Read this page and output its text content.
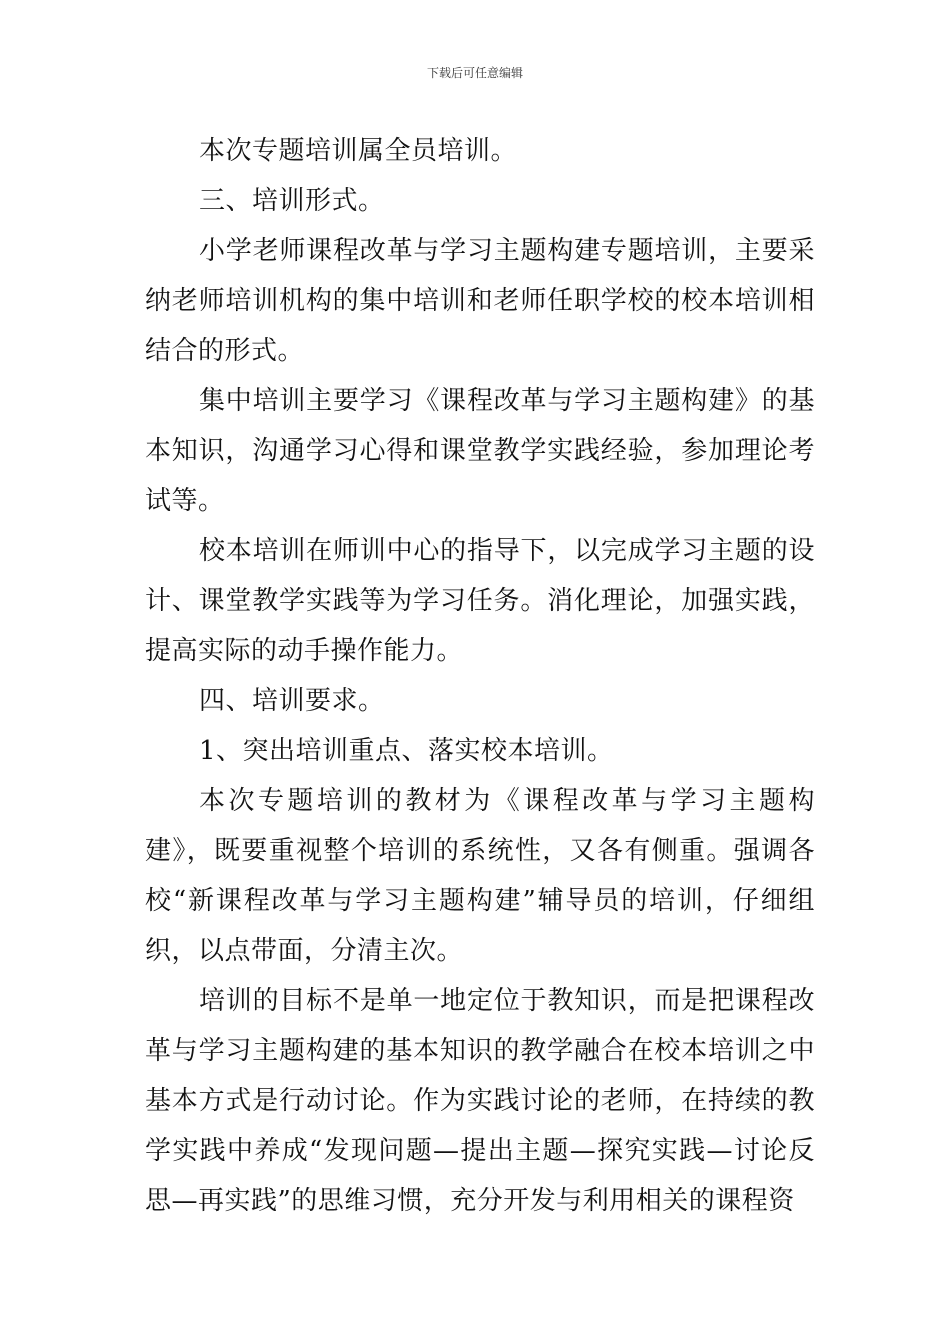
下载后可任意编辑

本次专题培训属全员培训。

三、培训形式。

小学老师课程改革与学习主题构建专题培训，主要采纳老师培训机构的集中培训和老师任职学校的校本培训相结合的形式。

集中培训主要学习《课程改革与学习主题构建》的基本知识，沟通学习心得和课堂教学实践经验，参加理论考试等。

校本培训在师训中心的指导下，以完成学习主题的设计、课堂教学实践等为学习任务。消化理论，加强实践，提高实际的动手操作能力。

四、培训要求。

1、突出培训重点、落实校本培训。

本次专题培训的教材为《课程改革与学习主题构建》，既要重视整个培训的系统性，又各有侧重。强调各校“新课程改革与学习主题构建”辅导员的培训，仔细组织，以点带面，分清主次。

培训的目标不是单一地定位于教知识，而是把课程改革与学习主题构建的基本知识的教学融合在校本培训之中基本方式是行动讨论。作为实践讨论的老师，在持续的教学实践中养成“发现问题—提出主题—探究实践—讨论反思—再实践”的思维习惯，充分开发与利用相关的课程资
